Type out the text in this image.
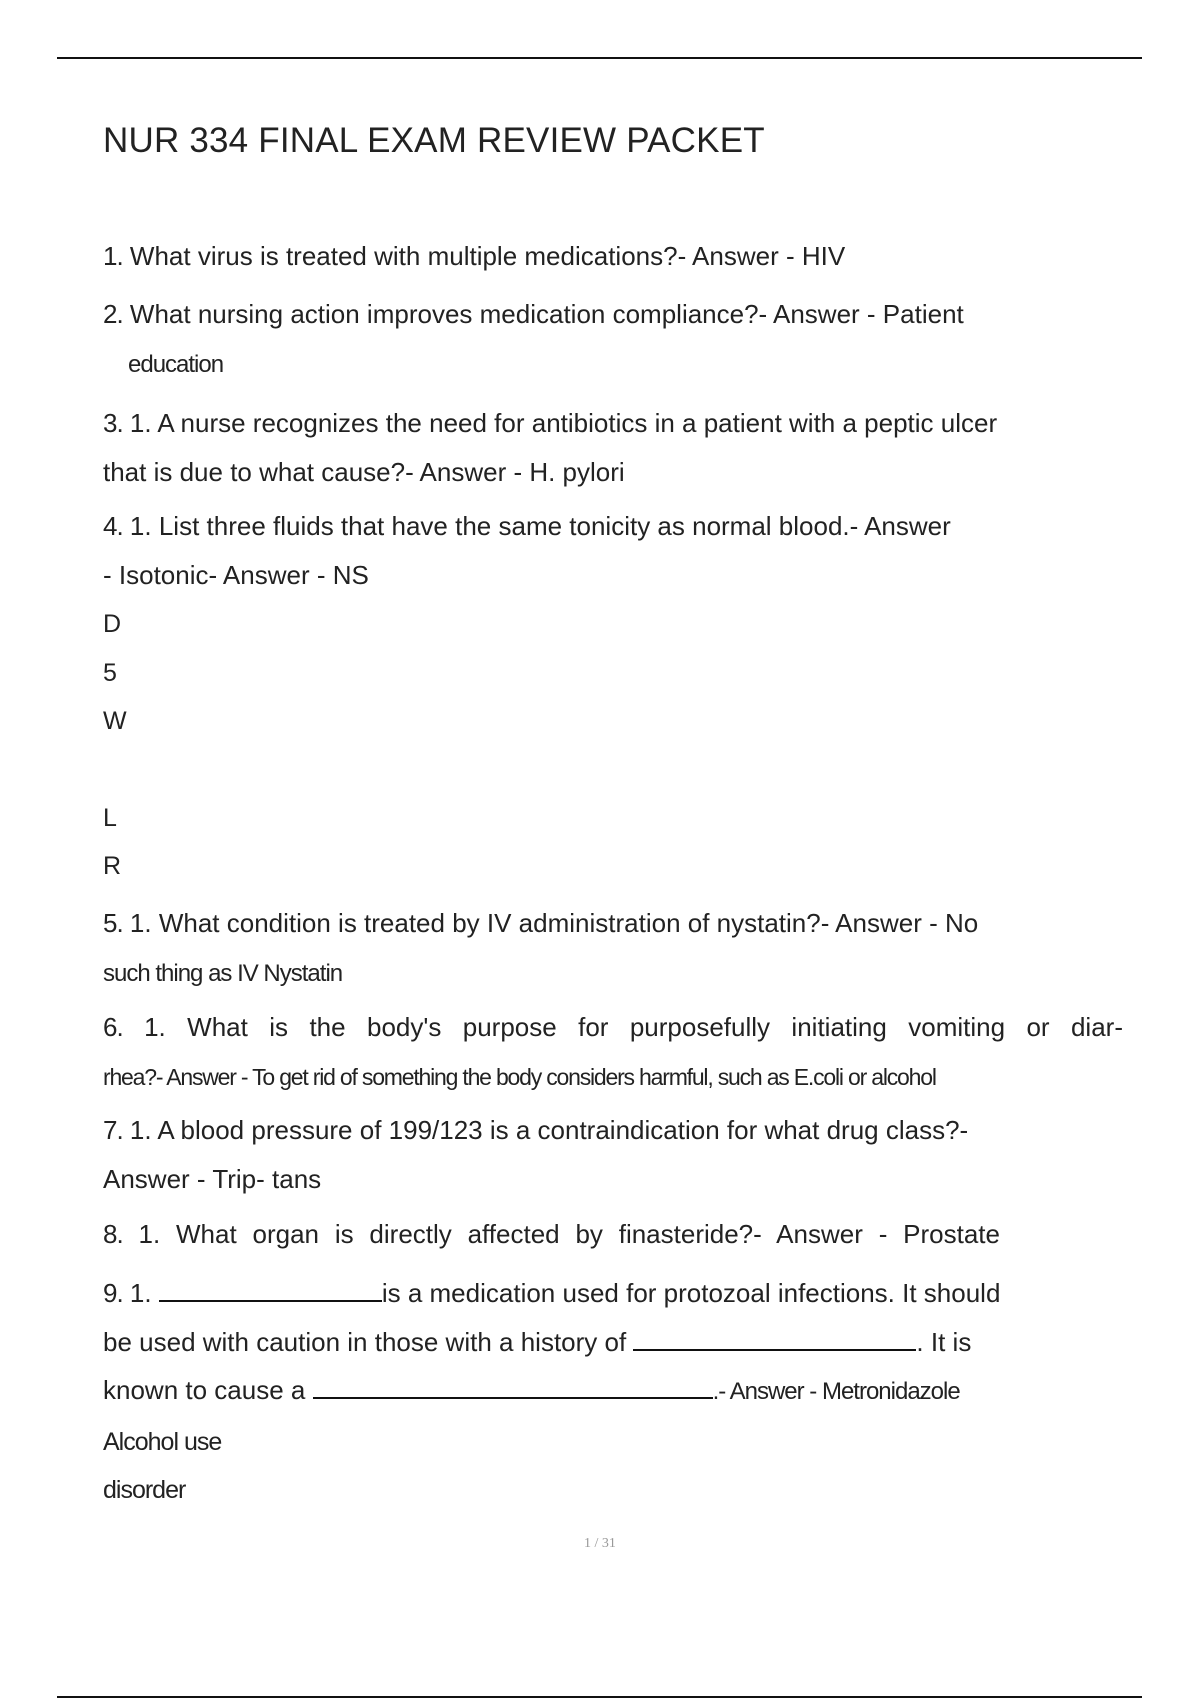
NUR 334 FINAL EXAM REVIEW PACKET
1. What virus is treated with multiple medications?- Answer - HIV
2. What nursing action improves medication compliance?- Answer - Patient
education
3. 1. A nurse recognizes the need for antibiotics in a patient with a peptic ulcer
that is due to what cause?- Answer - H. pylori
4. 1. List three fluids that have the same tonicity as normal blood.- Answer
- Isotonic- Answer - NS
D
5
W
L
R
5. 1. What condition is treated by IV administration of nystatin?- Answer - No
such thing as IV Nystatin
6. 1. What is the body's purpose for purposefully initiating vomiting or diar-
rhea?- Answer - To get rid of something the body considers harmful, such as E.coli or alcohol
7. 1. A blood pressure of 199/123 is a contraindication for what drug class?-
Answer - Trip- tans
8. 1. What organ is directly affected by finasteride?- Answer - Prostate
9. 1.	is a medication used for protozoal infections. It should
be used with caution in those with a history of	. It is
known to cause a	.- Answer - Metronidazole
Alcohol use
disorder
1 / 31
